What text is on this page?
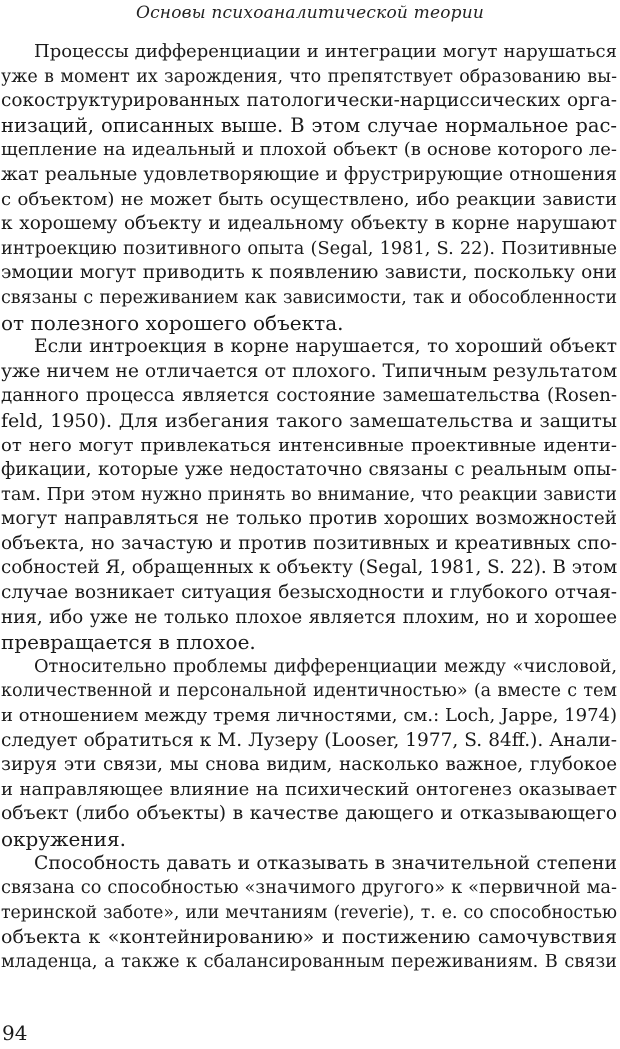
Основы психоаналитической теории
Процессы дифференциации и интеграции могут нарушаться
уже в момент их зарождения, что препятствует образованию вы-
сокоструктурированных патологически-нарциссических орга-
низаций, описанных выше. В этом случае нормальное рас-
щепление на идеальный и плохой объект (в основе которого ле-
жат реальные удовлетворяющие и фрустрирующие отношения
с объектом) не может быть осуществлено, ибо реакции зависти
к хорошему объекту и идеальному объекту в корне нарушают
интроекцию позитивного опыта (Segal, 1981, S. 22). Позитивные
эмоции могут приводить к появлению зависти, поскольку они
связаны с переживанием как зависимости, так и обособленности
от полезного хорошего объекта.
Если интроекция в корне нарушается, то хороший объект
уже ничем не отличается от плохого. Типичным результатом
данного процесса является состояние замешательства (Rosen-
feld, 1950). Для избегания такого замешательства и защиты
от него могут привлекаться интенсивные проективные иденти-
фикации, которые уже недостаточно связаны с реальным опы-
там. При этом нужно принять во внимание, что реакции зависти
могут направляться не только против хороших возможностей
объекта, но зачастую и против позитивных и креативных спо-
собностей Я, обращенных к объекту (Segal, 1981, S. 22). В этом
случае возникает ситуация безысходности и глубокого отчая-
ния, ибо уже не только плохое является плохим, но и хорошее
превращается в плохое.
Относительно проблемы дифференциации между «числовой,
количественной и персональной идентичностью» (а вместе с тем
и отношением между тремя личностями, см.: Loch, Jappe, 1974)
следует обратиться к М. Лузеру (Looser, 1977, S. 84ff.). Анали-
зируя эти связи, мы снова видим, насколько важное, глубокое
и направляющее влияние на психический онтогенез оказывает
объект (либо объекты) в качестве дающего и отказывающего
окружения.
Способность давать и отказывать в значительной степени
связана со способностью «значимого другого» к «первичной ма-
теринской заботе», или мечтаниям (reverie), т. е. со способностью
объекта к «контейнированию» и постижению самочувствия
младенца, а также к сбалансированным переживаниям. В связи
94
